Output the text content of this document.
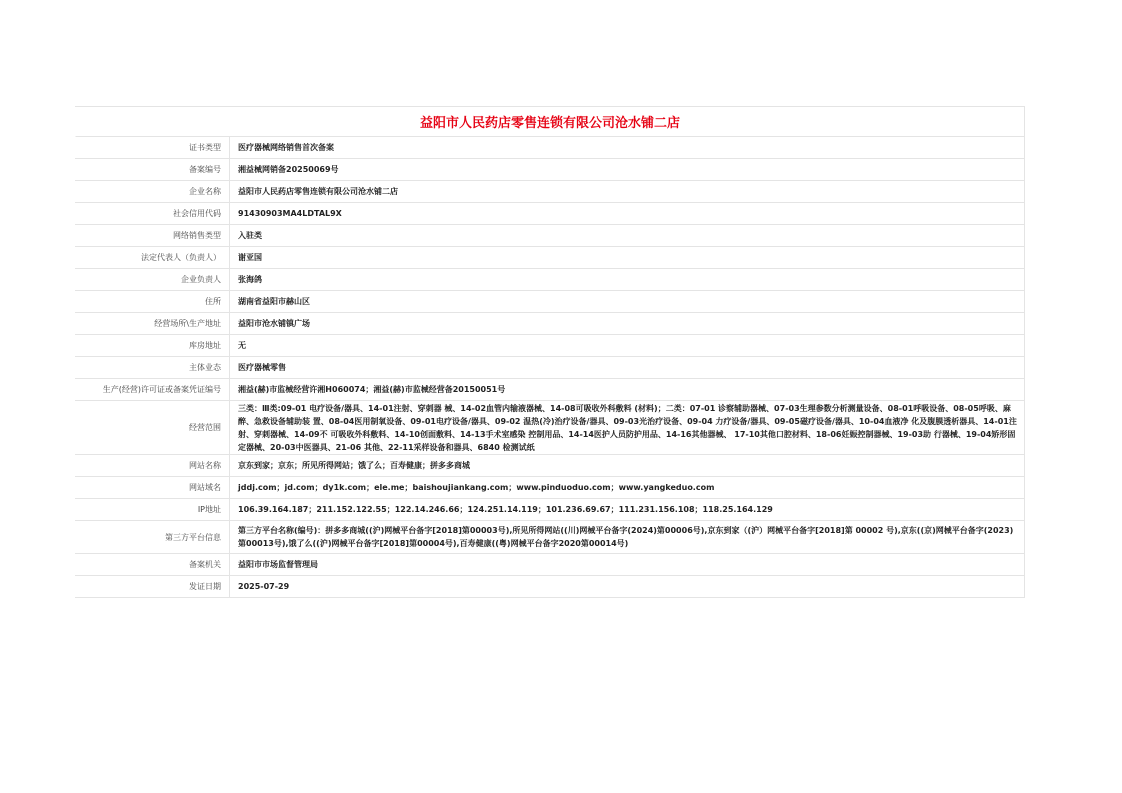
益阳市人民药店零售连锁有限公司沧水铺二店
证书类型	医疗器械网络销售首次备案
备案编号	湘益械网销备20250069号
企业名称	益阳市人民药店零售连锁有限公司沧水铺二店
社会信用代码	91430903MA4LDTAL9X
网络销售类型	入驻类
法定代表人（负责人）	谢亚国
企业负责人	张海鸽
住所	湖南省益阳市赫山区
经营场所\生产地址	益阳市沧水铺镇广场
库房地址	无
主体业态	医疗器械零售
生产(经营)许可证或备案凭证编号	湘益(赫)市监械经营许湘H060074；湘益(赫)市监械经营备20150051号
经营范围	三类：Ⅲ类:09-01 电疗设备/器具、14-01注射、穿刺器 械、14-02血管内输液器械、14-08可吸收外科敷料 (材料)；二类：07-01 诊察辅助器械、07-03生理参数分析测量设备、08-01呼吸设备、08-05呼吸、麻醉、急救设备辅助装 置、08-04医用制氧设备、09-01电疗设备/器具、09-02 温热(冷)治疗设备/器具、09-03光治疗设备、09-04 力疗设备/器具、09-05磁疗设备/器具、10-04血液净 化及腹膜透析器具、14-01注射、穿刺器械、14-09不 可吸收外科敷料、14-10创面敷料、14-13手术室感染 控制用品、14-14医护人员防护用品、14-16其他器械、 17-10其他口腔材料、18-06妊娠控制器械、19-03助 行器械、19-04矫形固定器械、20-03中医器具、21-06 其他、22-11采样设备和器具、6840 检测试纸
网站名称	京东到家；京东；所见所得网站；饿了么；百寿健康；拼多多商城
网站域名	jddj.com；jd.com；dy1k.com；ele.me；baishoujiankang.com；www.pinduoduo.com；www.yangkeduo.com
IP地址	106.39.164.187；211.152.122.55；122.14.246.66；124.251.14.119；101.236.69.67；111.231.156.108；118.25.164.129
第三方平台信息	第三方平台名称(编号)：拼多多商城((沪)网械平台备字[2018]第00003号),所见所得网站((川)网械平台备字(2024)第00006号),京东到家（(沪）网械平台备字[2018]第 00002 号),京东((京)网械平台备字(2023)第00013号),饿了么((沪)网械平台备字[2018]第00004号),百寿健康((粤)网械平台备字2020第00014号)
备案机关	益阳市市场监督管理局
发证日期	2025-07-29
